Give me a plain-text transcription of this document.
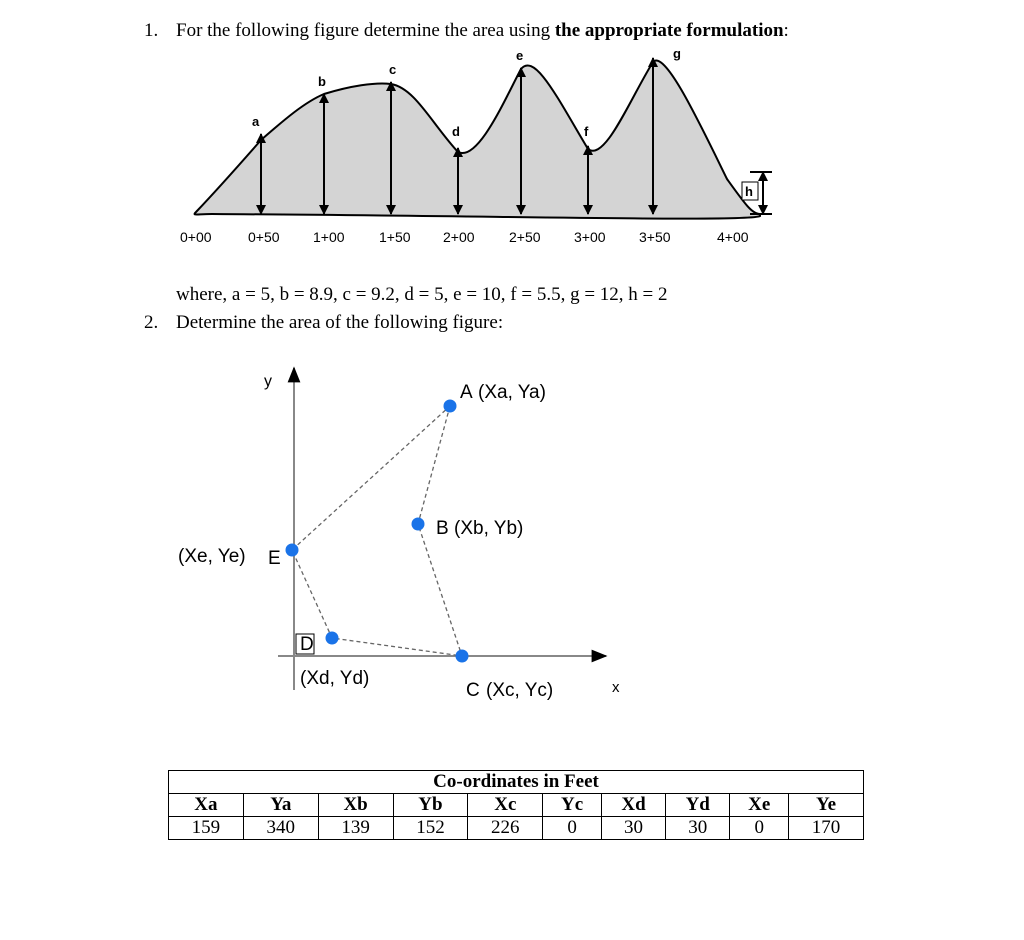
1. For the following figure determine the area using the appropriate formulation:
a
b
c
d
e
f
g
h
0+00	0+50 1+00 1+50 2+00 2+50 3+00 3+50	4+00
where, a = 5, b = 8.9, c = 9.2, d = 5, e = 10, f = 5.5, g = 12, h = 2
2. Determine the area of the following figure:
y
x
(Xa, Ya)
A
B (Xb, Yb)
C (Xc, Yc)
D
(Xd, Yd)
(Xe, Ye) E
Co-ordinates in Feet									
Xa	Ya	Xb	Yb	Xc	Yc	Xd	Yd	Xe	Ye
159	340	139	152	226	0	30	30	0	170
